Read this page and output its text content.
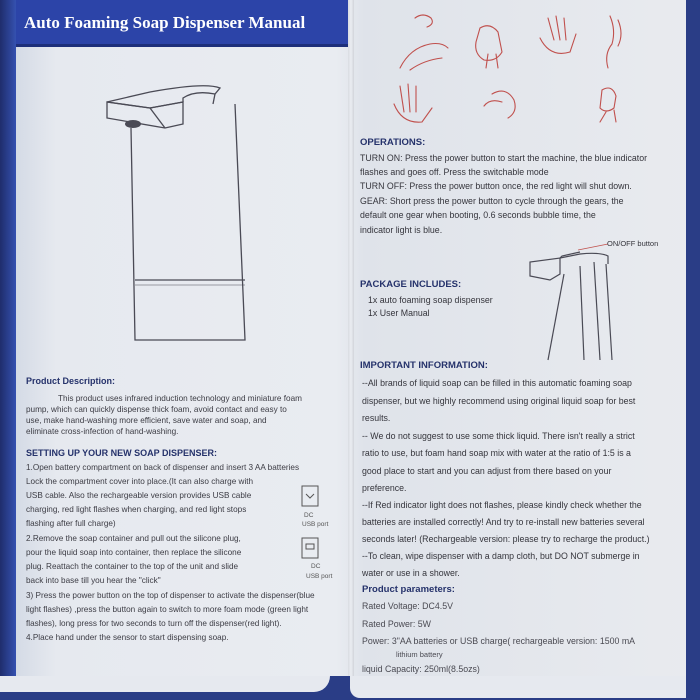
Auto Foaming Soap Dispenser Manual
Product Description:
This product uses infrared induction technology and miniature foam
pump, which can quickly dispense thick foam, avoid contact and easy to
use, make hand-washing more efficient, save water and soap, and
eliminate cross-infection of hand-washing.
SETTING UP YOUR NEW SOAP DISPENSER:
1.Open battery compartment on back of dispenser and insert 3 AA batteries
Lock the compartment cover into place.(It can also charge with
USB cable. Also the rechargeable version provides USB cable
charging, red light flashes when charging, and red light stops
flashing after full charge)
2.Remove the soap container and pull out the silicone plug,
pour the liquid soap into container, then replace the silicone
plug. Reattach the container to the top of the unit and slide
back into base till you hear the "click"
3) Press the power button on the top of dispenser to activate the dispenser(blue
light flashes) ,press the button again to switch to more foam mode (green light
flashes), long press for two seconds to turn off the dispenser(red light).
4.Place hand under the sensor to start dispensing soap.
DC
USB port
DC
USB port
OPERATIONS:
TURN ON: Press the power button to start the machine, the blue indicator
flashes and goes off. Press the switchable mode
TURN OFF: Press the power button once, the red light will shut down.
GEAR: Short press the power button to cycle through the gears, the
default one gear when booting, 0.6 seconds bubble time, the
indicator light is blue.
ON/OFF button
PACKAGE INCLUDES:
1x auto foaming soap dispenser
1x User Manual
IMPORTANT INFORMATION:
--All brands of liquid soap can be filled in this automatic foaming soap
dispenser, but we highly recommend using original liquid soap for best
results.
-- We do not suggest to use some thick liquid. There isn't really a strict
ratio to use, but foam hand soap mix with water at the ratio of 1:5 is a
good place to start and you can adjust from there based on your
preference.
--If Red indicator light does not flashes, please kindly check whether the
batteries are installed correctly! And try to re-install new batteries several
seconds later! (Rechargeable version: please try to recharge the product.)
--To clean, wipe dispenser with a damp cloth, but DO NOT submerge in
water or use in a shower.
Product parameters:
Rated Voltage: DC4.5V
Rated Power: 5W
Power: 3"AA batteries or USB charge( rechargeable version: 1500 mA
lithium battery
liquid Capacity: 250ml(8.5ozs)
